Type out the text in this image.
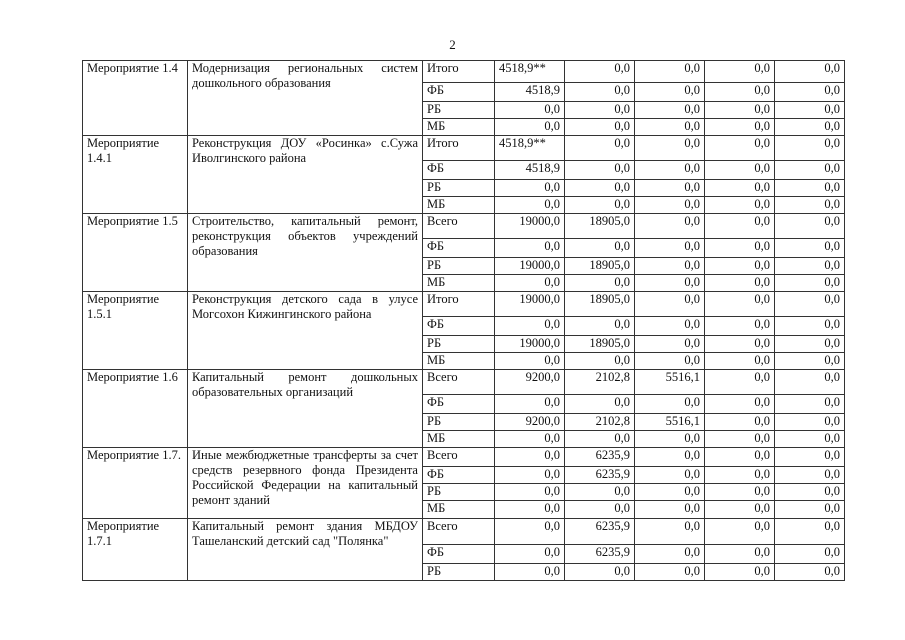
2
Мероприятие 1.4	Модернизация региональных систем дошкольного образования	Итого	4518,9**	0,0	0,0	0,0	0,0
		ФБ	4518,9	0,0	0,0	0,0	0,0
		РБ	0,0	0,0	0,0	0,0	0,0
		МБ	0,0	0,0	0,0	0,0	0,0
Мероприятие 1.4.1	Реконструкция ДОУ «Росинка» с.Сужа Иволгинского района	Итого	4518,9**	0,0	0,0	0,0	0,0
		ФБ	4518,9	0,0	0,0	0,0	0,0
		РБ	0,0	0,0	0,0	0,0	0,0
		МБ	0,0	0,0	0,0	0,0	0,0
Мероприятие 1.5	Строительство, капитальный ремонт, реконструкция объектов учреждений образования	Всего	19000,0	18905,0	0,0	0,0	0,0
		ФБ	0,0	0,0	0,0	0,0	0,0
		РБ	19000,0	18905,0	0,0	0,0	0,0
		МБ	0,0	0,0	0,0	0,0	0,0
Мероприятие 1.5.1	Реконструкция детского сада в улусе Могсохон Кижингинского района	Итого	19000,0	18905,0	0,0	0,0	0,0
		ФБ	0,0	0,0	0,0	0,0	0,0
		РБ	19000,0	18905,0	0,0	0,0	0,0
		МБ	0,0	0,0	0,0	0,0	0,0
Мероприятие 1.6	Капитальный ремонт дошкольных образовательных организаций	Всего	9200,0	2102,8	5516,1	0,0	0,0
		ФБ	0,0	0,0	0,0	0,0	0,0
		РБ	9200,0	2102,8	5516,1	0,0	0,0
		МБ	0,0	0,0	0,0	0,0	0,0
Мероприятие 1.7.	Иные межбюджетные трансферты за счет средств резервного фонда Президента Российской Федерации на капитальный ремонт зданий	Всего	0,0	6235,9	0,0	0,0	0,0
		ФБ	0,0	6235,9	0,0	0,0	0,0
		РБ	0,0	0,0	0,0	0,0	0,0
		МБ	0,0	0,0	0,0	0,0	0,0
Мероприятие 1.7.1	Капитальный ремонт здания МБДОУ Ташеланский детский сад "Полянка"	Всего	0,0	6235,9	0,0	0,0	0,0
		ФБ	0,0	6235,9	0,0	0,0	0,0
		РБ	0,0	0,0	0,0	0,0	0,0
